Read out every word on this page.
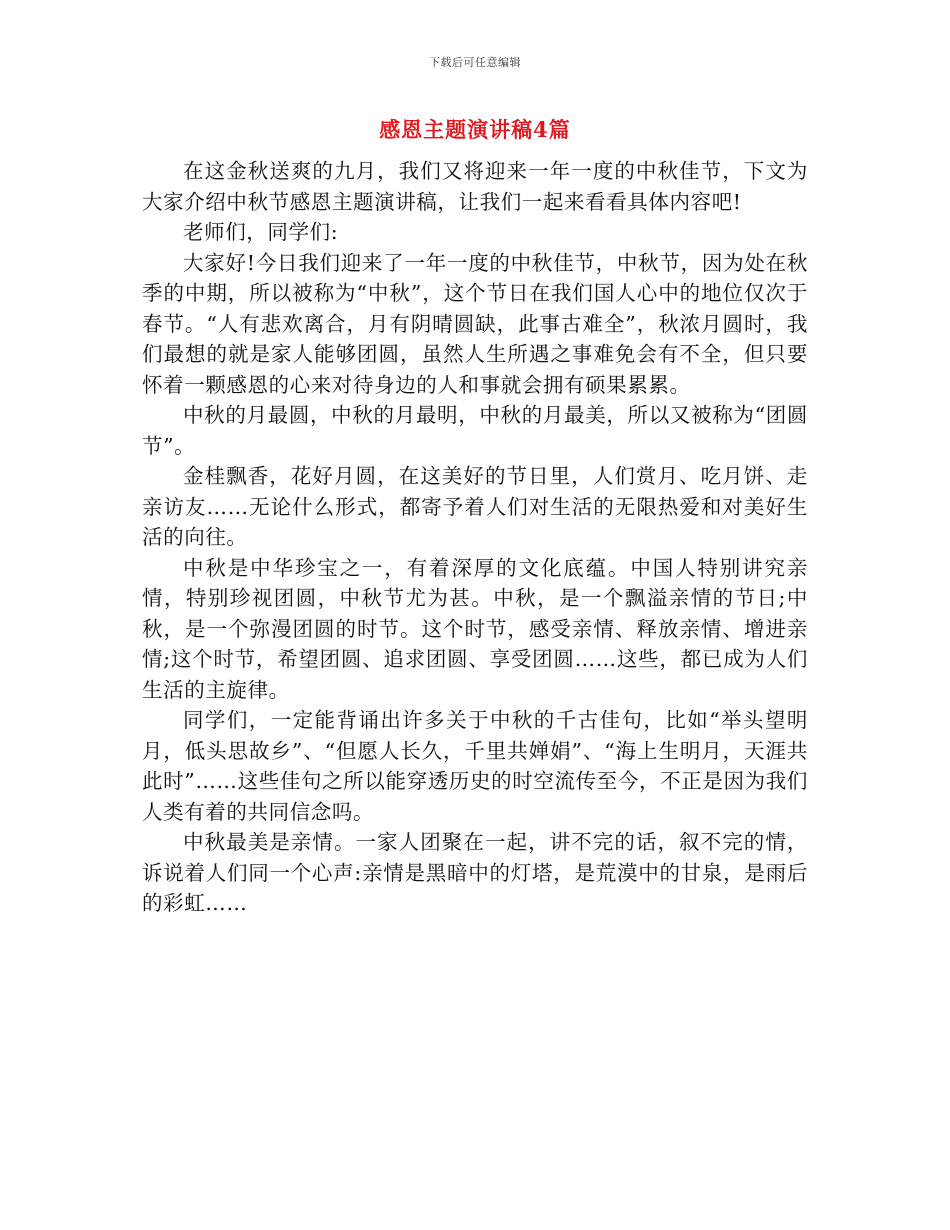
下载后可任意编辑
感恩主题演讲稿4篇

在这金秋送爽的九月，我们又将迎来一年一度的中秋佳节，下文为大家介绍中秋节感恩主题演讲稿，让我们一起来看看具体内容吧!

老师们，同学们:

大家好!今日我们迎来了一年一度的中秋佳节，中秋节，因为处在秋季的中期，所以被称为“中秋”，这个节日在我们国人心中的地位仅次于春节。“人有悲欢离合，月有阴晴圆缺，此事古难全”，秋浓月圆时，我们最想的就是家人能够团圆，虽然人生所遇之事难免会有不全，但只要怀着一颗感恩的心来对待身边的人和事就会拥有硕果累累。

中秋的月最圆，中秋的月最明，中秋的月最美，所以又被称为“团圆节”。

金桂飘香，花好月圆，在这美好的节日里，人们赏月、吃月饼、走亲访友……无论什么形式，都寄予着人们对生活的无限热爱和对美好生活的向往。

中秋是中华珍宝之一，有着深厚的文化底蕴。中国人特别讲究亲情，特别珍视团圆，中秋节尤为甚。中秋，是一个飘溢亲情的节日;中秋，是一个弥漫团圆的时节。这个时节，感受亲情、释放亲情、增进亲情;这个时节，希望团圆、追求团圆、享受团圆……这些，都已成为人们生活的主旋律。

同学们，一定能背诵出许多关于中秋的千古佳句，比如“举头望明月，低头思故乡”、“但愿人长久，千里共婵娟”、“海上生明月，天涯共此时”……这些佳句之所以能穿透历史的时空流传至今，不正是因为我们人类有着的共同信念吗。

中秋最美是亲情。一家人团聚在一起，讲不完的话，叙不完的情，诉说着人们同一个心声:亲情是黑暗中的灯塔，是荒漠中的甘泉，是雨后的彩虹……
